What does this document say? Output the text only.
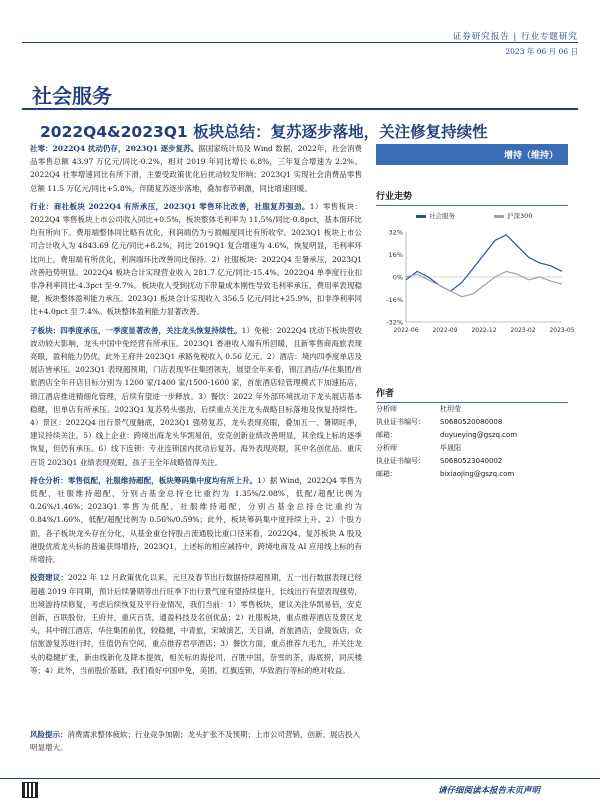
证券研究报告 | 行业专题研究
2023 年 06 月 06 日
社会服务
2022Q4&2023Q1 板块总结：复苏逐步落地，关注修复持续性

社零：2022Q4 扰动仍存，2023Q1 逐步复苏。据国家统计局及 Wind 数据，2022年，社会消费品零售总额 43.97 万亿元/同比-0.2%，相对 2019 年同比增长 6.8%，三年复合增速为 2.2%。2022Q4 社零增速同比有所下滑，主要受政策优化后扰动较发形响；2023Q1 实现社会消费品零售总额 11.5 万亿元/同比+5.8%，伴随复苏逐步落地，叠加春节刺激，同比增速回暖。

行业：商社板块 2022Q4 有所承压，2023Q1 零售环比改善，社服复苏强劲。1）零售板块：2022Q4 零售板块上市公司收入同比+0.5%，板块整体毛利率为 11.5%/同比-0.8pct，基本面环比均有所向下。费用端整体同比略有优化，利润端仍为亏损幅度同比有所收窄。2023Q1 板块上市公司合计收入为 4843.69 亿元/同比+8.2%，同比 2019Q1 复合增速为 4.6%，恢复明显，毛利率环比向上，费用端有所优化，利润端环比改善同比保持。2）社服板块：2022Q4 至暑承压，2023Q1 改善趋势明显。2022Q4 板块合计实现营业收入 281.7 亿元/同比-15.4%。2022Q4 单季度行业扣非净利率同比-4.3pct 至-9.7%。板块收入受到扰动下带量成本刚性导致毛利率承压，费用率表现稳健，板块整体盈利能力承压。2023Q1 板块合计实现收入 356.5 亿元/同比+25.9%，扣非净利率同比+4.0pct 至 7.4%。板块整体盈利能力显著改善。

子板块：四季度承压，一季度显著改善，关注龙头恢复持续性。1）免税：2022Q4 扰动下板块营收波动较大影响，龙头中国中免经营有所承压。2023Q1 香港收入端有所回暖，且新零售商海旅表现亮眼，盈利能力仍优，此外王府井 2023Q1 承路免税收入 0.56 亿元。2）酒店：境内四季度单店及展店皆承压。2023Q1 表现超预期，门店表现华住集团领先，展望全年来看，锦江酒店/华住集团/首旅酒店全年开店目标分别为 1200 家/1400 家/1500-1600 家，首旅酒店轻管理模式下加速拓店，锦江酒店推进精细化管理，后续有望进一步释放。3）餐饮：2022 年外部环境扰动下龙头展店基本稳健，但单店有所承压。2023Q1 复苏势头强劲，后续重点关注龙头战略目标落地及恢复持续性。4）景区：2022Q4 出行景气度触底，2023Q1 强势复苏，龙头表现亮眼，叠加五一、暑期旺季，建议持续关注。5）线上企业：跨境出海龙头华凯易佰，安克创新业绩改善明显，其余线上标的逐季恢复，但仍有承压。6）线下连锁：专业连锁国内扰动后复苏。海外表现亮眼，其中名创优品、重庆百货 2023Q1 业绩表现亮眼，孩子王全年战略值得关注。

持仓分析：零售低配，社服维持超配，板块筹码集中度均有所上升。1）据 Wind，2022Q4 零售为低配，社服维持超配，分别占基金总持仓比重约为 1.35%/2.08%，低配/超配比例为 0.26%/1.46%；2023Q1 零售为低配，社服维持超配，分别占基金总持仓比重约为 0.84%/1.60%，低配/超配比例为 0.56%/0.59%；此外，板块筹码集中度持续上升。2）个股方面，各子板块龙头存在分化，从基金重仓持股占流通股比重口径来看，2022Q4，复苏板块 A 股及港股优质龙头标的普遍获得增持，2023Q1，上述标的相应减持中，跨境电商及 AI 应用线上标的有所增持。

投资建议：2022 年 12 月政策优化以来，元旦及春节出行数据持续超预期，五一出行数据表现已经超越 2019 年同期，预计后续暑期等出行旺季下出行景气度有望持续提升，长线出行有望表现强势，出境游持续修复，考虑后续恢复及平行业情况，我们当前：1）零售板块，建议关注华凯易佰，安克创新，百联股份，王府井，重庆百货，通盈科技及名创优品；2）社服板块，重点推荐酒店及景区龙头，其中锦江酒店，华住集团前优，较稳健，中青旅，宋城演艺，天目湖，首旅酒店，金陵饭店，众信旅游复苏进行时，佳值仍有空间，重点推荐君亭酒店；3）餐饮方面，重点推荐九毛九，并关注龙头的稳健扩张，新由线新化及降本提效，相关标的海伦司，百胜中国，奈雪的茶，海底捞，同庆楼等；4）此外，当前股价基础，我们看好中国中免，美团，红旗连锁，华致酒行等标的绝对收益。

增持（维持）
行业走势
32%
16%
0%
-16%
-32%
2022-06 2022-09 2022-12 2023-02 2023-05
社会服务	沪深300
作者
分析师	杜玥莹
执业证书编号： S0680520080008
邮箱：	duyueying@gszq.com
分析师	毕晟阳
执业证书编号： S0680523040002
邮箱：	bixiaojing@gszq.com
风险提示：消费需求整体疲软；行业竞争加剧；龙头扩张不及预期；上市公司营销，创新、展店投入明显增大。
请仔细阅读本报告末页声明
